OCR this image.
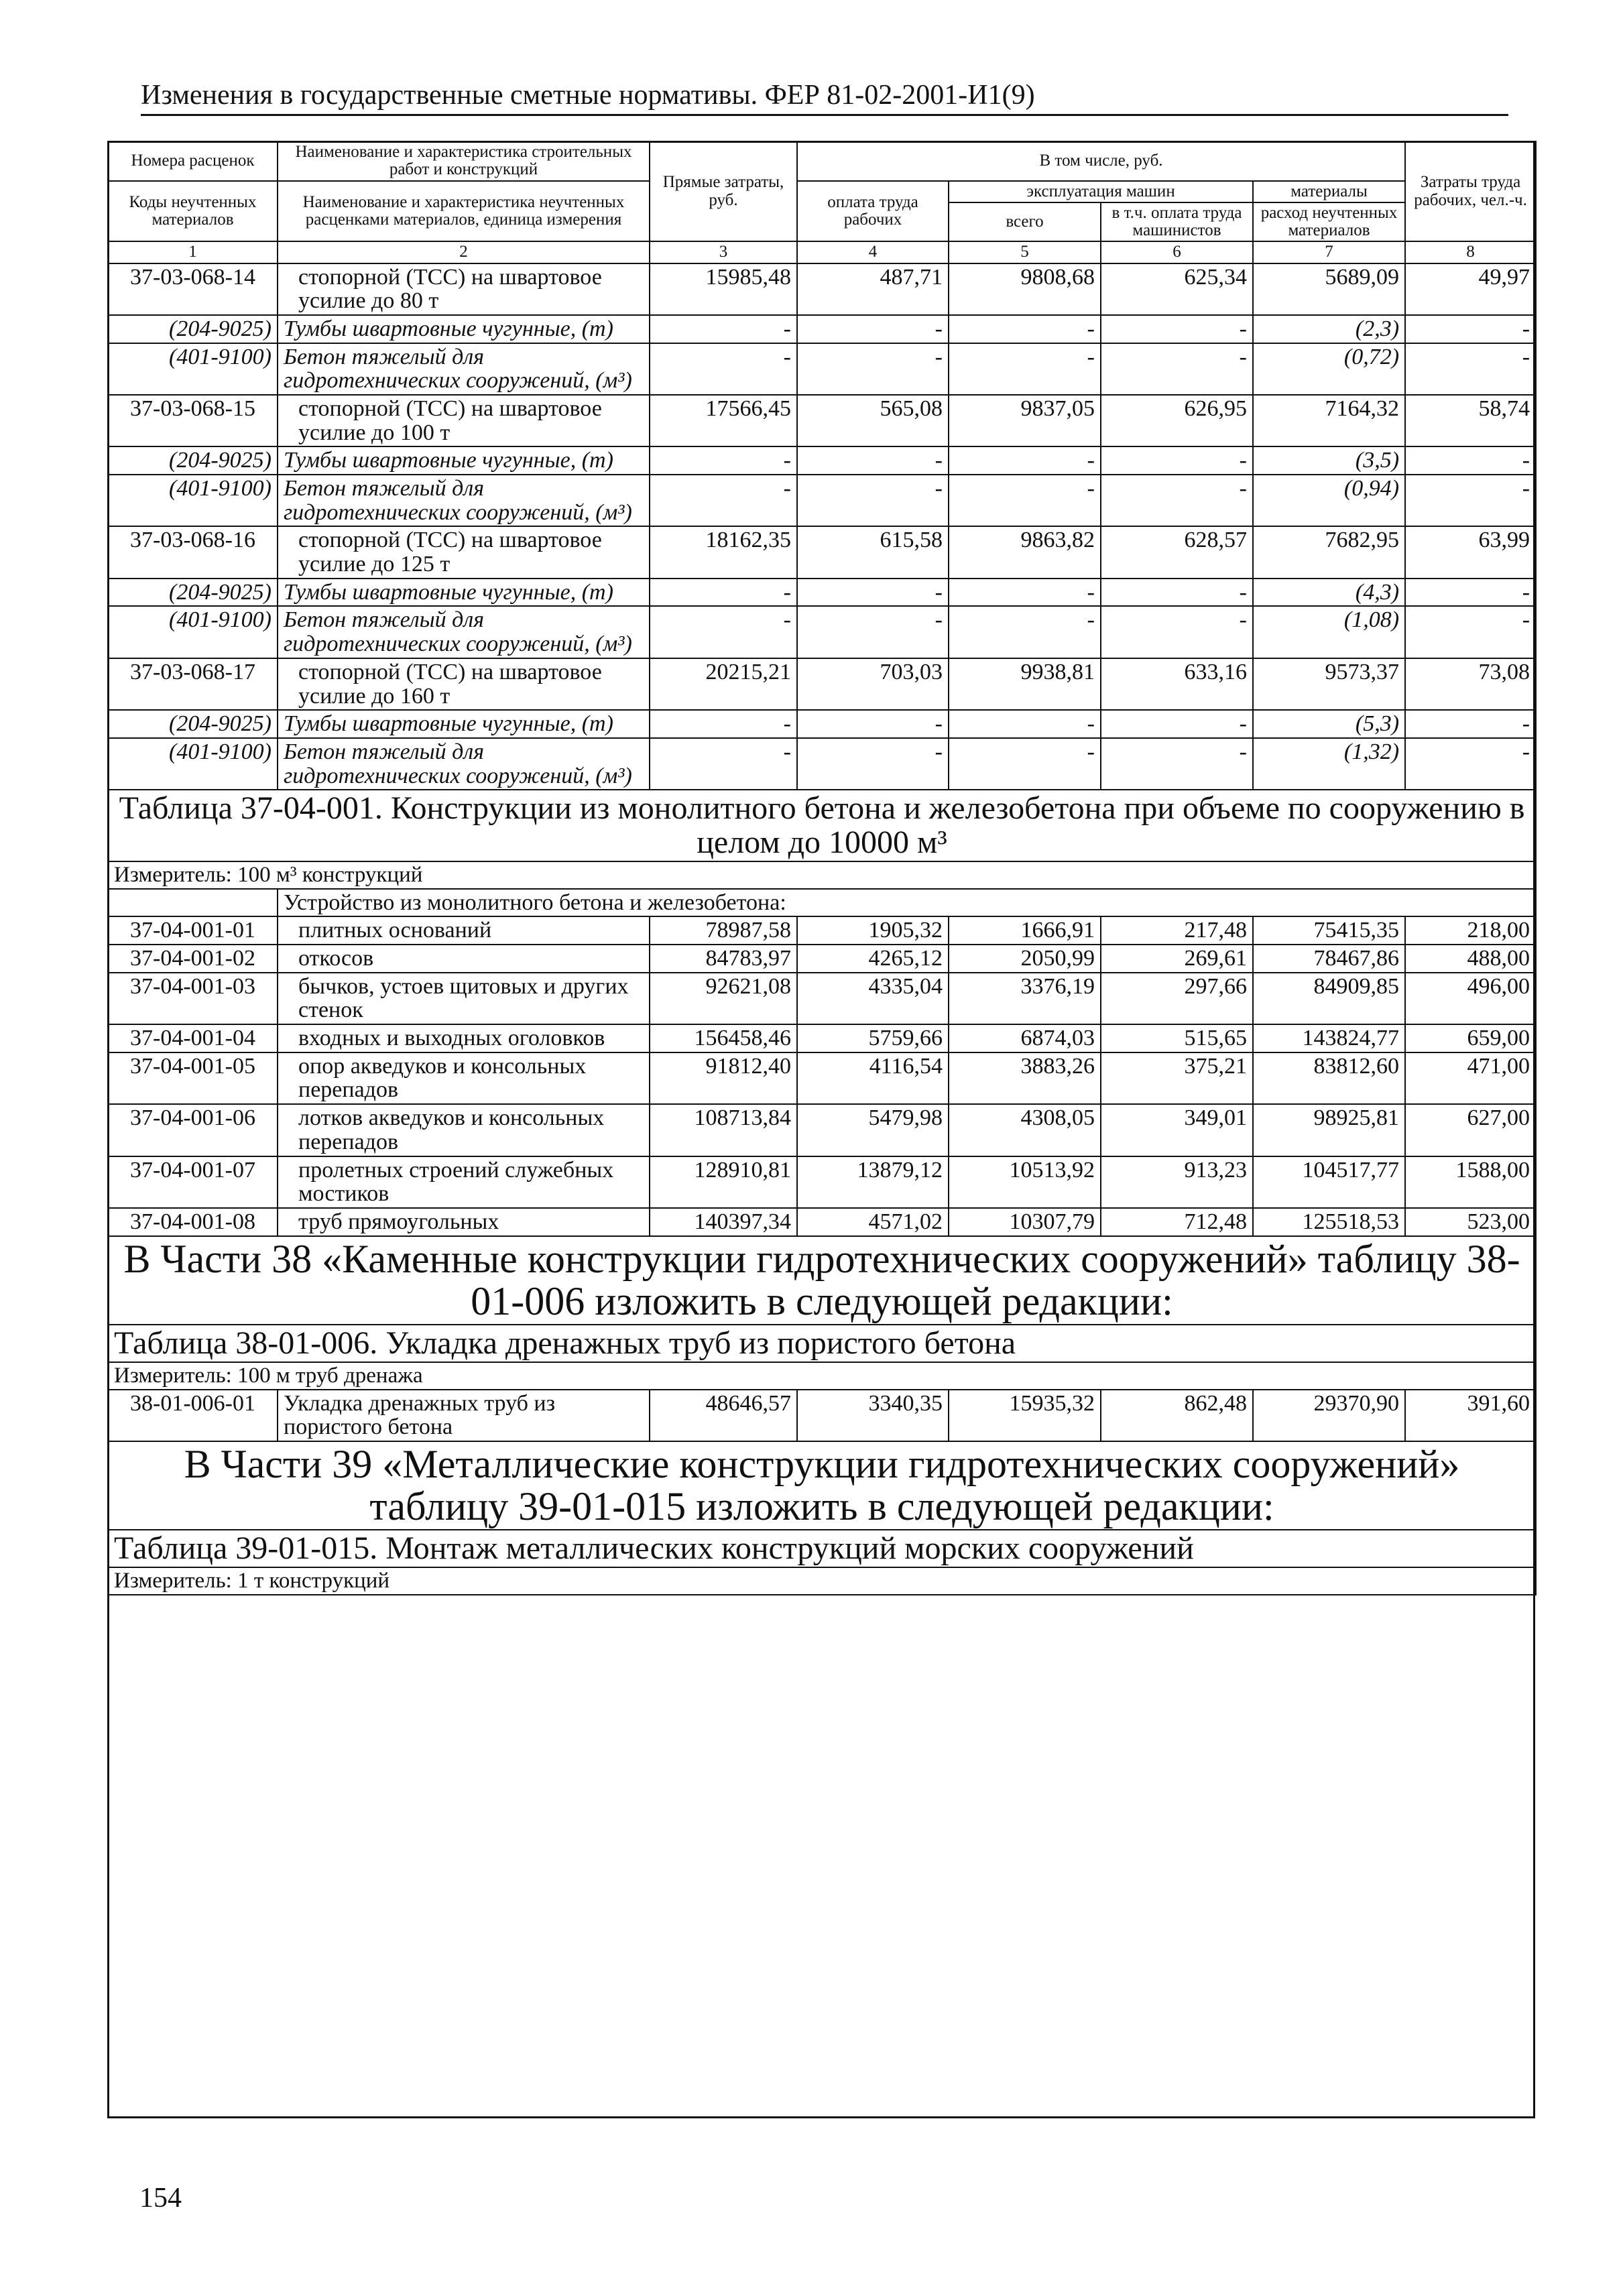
Изменения в государственные сметные нормативы. ФЕР 81-02-2001-И1(9)
Номера расценок	Наименование и характеристика строительных работ и конструкций	Прямые затраты, руб.	В том числе, руб.				Затраты труда рабочих, чел.-ч.
Коды неучтенных материалов	Наименование и характеристика неучтенных расценками материалов, единица измерения		оплата труда рабочих	эксплуатация машин		материалы	
				всего	в т.ч. оплата труда машинистов	расход неучтенных материалов	

1	2	3	4	5	6	7	8
37-03-068-14	стопорной (ТСС) на швартовое усилие до 80 т	15985,48	487,71	9808,68	625,34	5689,09	49,97
(204-9025)	Тумбы швартовные чугунные, (т)	-	-	-	-	(2,3)	-
(401-9100)	Бетон тяжелый для гидротехнических сооружений, (м³)	-	-	-	-	(0,72)	-
37-03-068-15	стопорной (ТСС) на швартовое усилие до 100 т	17566,45	565,08	9837,05	626,95	7164,32	58,74
(204-9025)	Тумбы швартовные чугунные, (т)	-	-	-	-	(3,5)	-
(401-9100)	Бетон тяжелый для гидротехнических сооружений, (м³)	-	-	-	-	(0,94)	-
37-03-068-16	стопорной (ТСС) на швартовое усилие до 125 т	18162,35	615,58	9863,82	628,57	7682,95	63,99
(204-9025)	Тумбы швартовные чугунные, (т)	-	-	-	-	(4,3)	-
(401-9100)	Бетон тяжелый для гидротехнических сооружений, (м³)	-	-	-	-	(1,08)	-
37-03-068-17	стопорной (ТСС) на швартовое усилие до 160 т	20215,21	703,03	9938,81	633,16	9573,37	73,08
(204-9025)	Тумбы швартовные чугунные, (т)	-	-	-	-	(5,3)	-
(401-9100)	Бетон тяжелый для гидротехнических сооружений, (м³)	-	-	-	-	(1,32)	-
Таблица 37-04-001. Конструкции из монолитного бетона и железобетона при объеме по сооружению в целом до 10000 м³							
Измеритель: 100 м³ конструкций							
	Устройство из монолитного бетона и железобетона:						
37-04-001-01	плитных оснований	78987,58	1905,32	1666,91	217,48	75415,35	218,00
37-04-001-02	откосов	84783,97	4265,12	2050,99	269,61	78467,86	488,00
37-04-001-03	бычков, устоев щитовых и других стенок	92621,08	4335,04	3376,19	297,66	84909,85	496,00
37-04-001-04	входных и выходных оголовков	156458,46	5759,66	6874,03	515,65	143824,77	659,00
37-04-001-05	опор акведуков и консольных перепадов	91812,40	4116,54	3883,26	375,21	83812,60	471,00
37-04-001-06	лотков акведуков и консольных перепадов	108713,84	5479,98	4308,05	349,01	98925,81	627,00
37-04-001-07	пролетных строений служебных мостиков	128910,81	13879,12	10513,92	913,23	104517,77	1588,00
37-04-001-08	труб прямоугольных	140397,34	4571,02	10307,79	712,48	125518,53	523,00
В Части 38 «Каменные конструкции гидротехнических сооружений» таблицу 38-01-006 изложить в следующей редакции:							
Таблица 38-01-006. Укладка дренажных труб из пористого бетона							
Измеритель: 100 м труб дренажа							
38-01-006-01	Укладка дренажных труб из пористого бетона	48646,57	3340,35	15935,32	862,48	29370,90	391,60
В Части 39 «Металлические конструкции гидротехнических сооружений» таблицу 39-01-015 изложить в следующей редакции:							
Таблица 39-01-015. Монтаж металлических конструкций морских сооружений							
Измеритель: 1 т конструкций							
154
